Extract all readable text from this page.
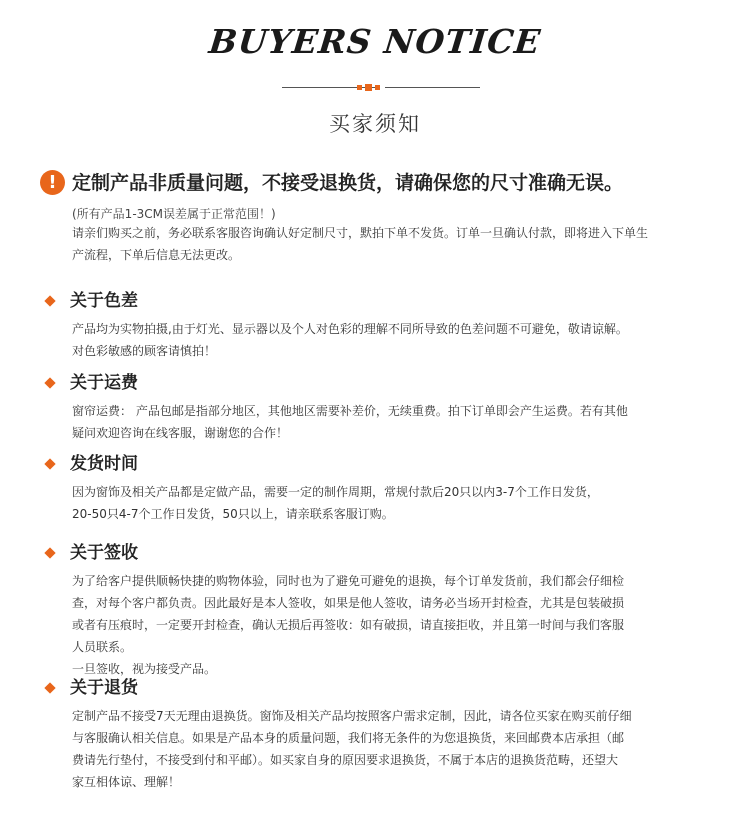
BUYERS NOTICE
买家须知
! 定制产品非质量问题，不接受退换货，请确保您的尺寸准确无误。
(所有产品1-3CM误差属于正常范围！)
请亲们购买之前，务必联系客服咨询确认好定制尺寸，默拍下单不发货。订单一旦确认付款，即将进入下单生
产流程，下单后信息无法更改。
关于色差
产品均为实物拍摄,由于灯光、显示器以及个人对色彩的理解不同所导致的色差问题不可避免，敬请谅解。
对色彩敏感的顾客请慎拍！
关于运费
窗帘运费： 产品包邮是指部分地区，其他地区需要补差价，无续重费。拍下订单即会产生运费。若有其他
疑问欢迎咨询在线客服，谢谢您的合作！
发货时间
因为窗饰及相关产品都是定做产品，需要一定的制作周期，常规付款后20只以内3-7个工作日发货，
20-50只4-7个工作日发货，50只以上，请亲联系客服订购。
关于签收
为了给客户提供顺畅快捷的购物体验，同时也为了避免可避免的退换，每个订单发货前，我们都会仔细检
查，对每个客户都负责。因此最好是本人签收，如果是他人签收，请务必当场开封检查，尤其是包装破损
或者有压痕时，一定要开封检查，确认无损后再签收：如有破损，请直接拒收，并且第一时间与我们客服
人员联系。
一旦签收，视为接受产品。
关于退货
定制产品不接受7天无理由退换货。窗饰及相关产品均按照客户需求定制，因此，请各位买家在购买前仔细
与客服确认相关信息。如果是产品本身的质量问题，我们将无条件的为您退换货，来回邮费本店承担（邮
费请先行垫付，不接受到付和平邮）。如买家自身的原因要求退换货，不属于本店的退换货范畴，还望大
家互相体谅、理解！
